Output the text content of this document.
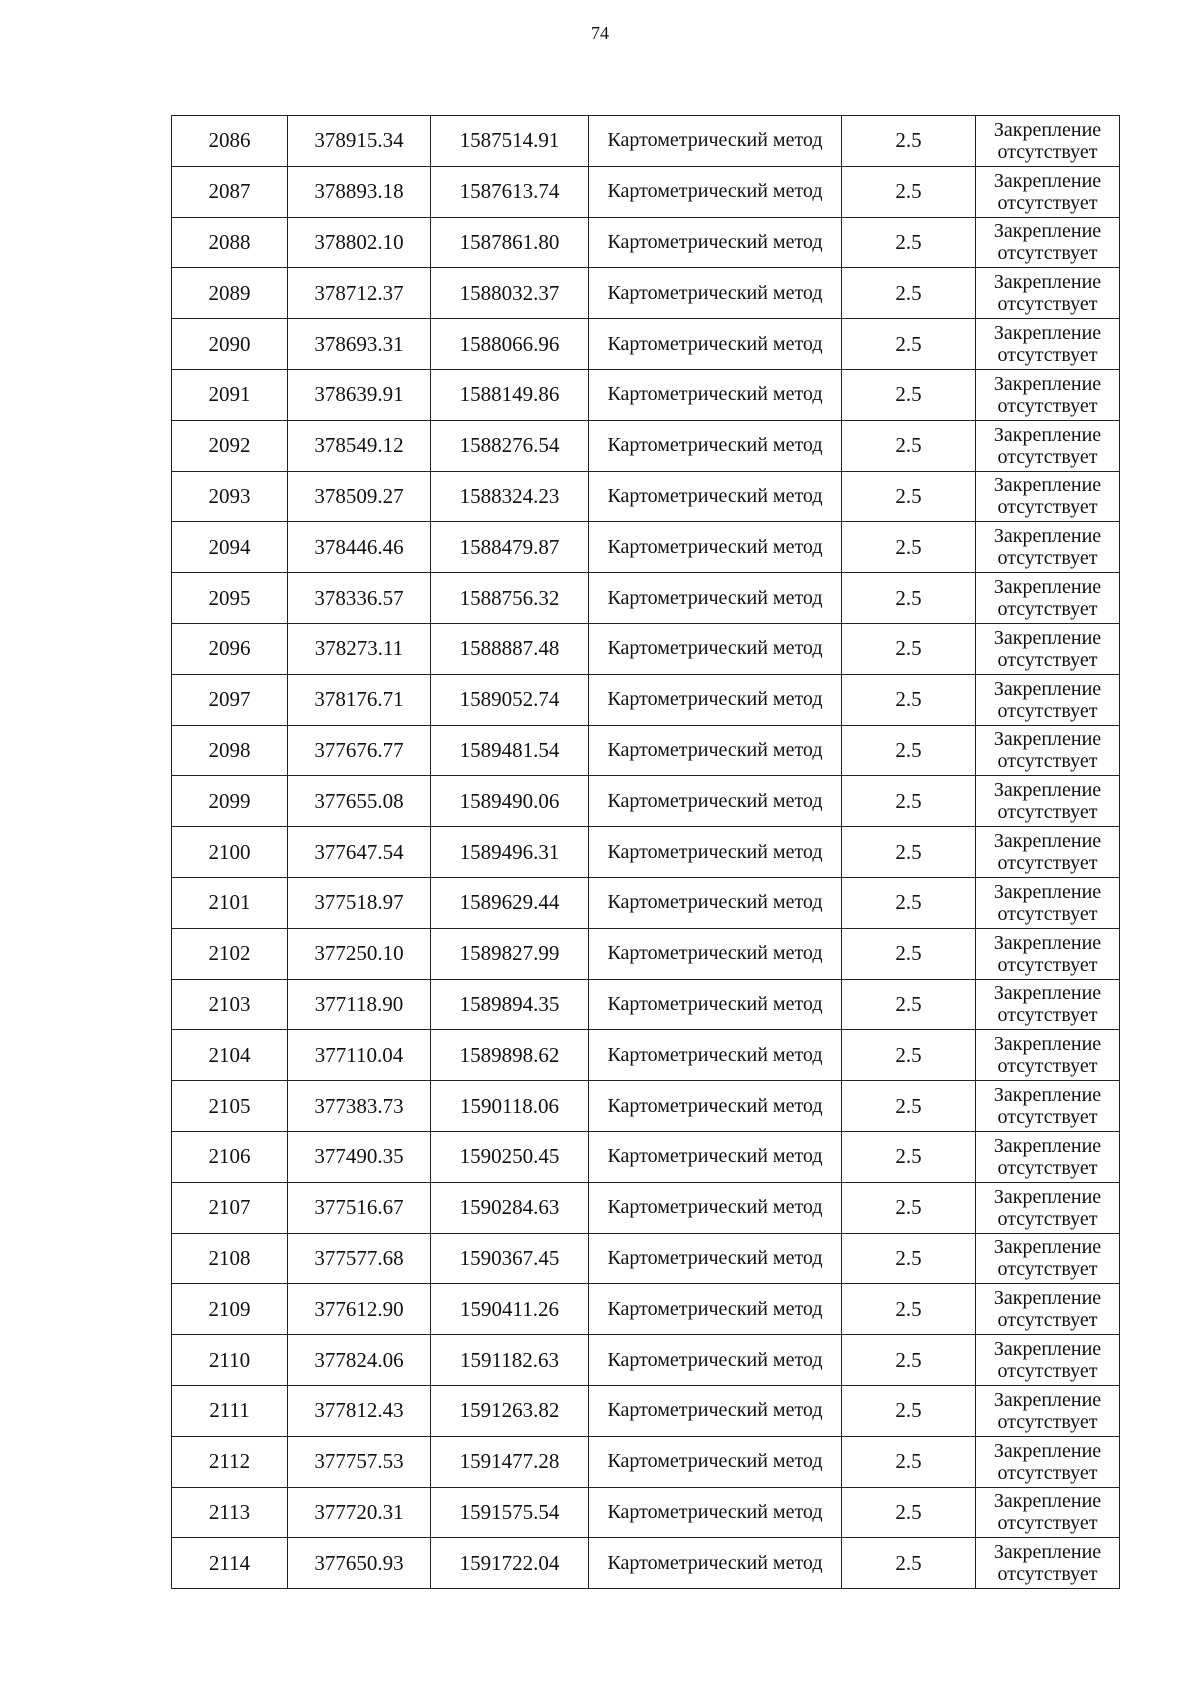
74
2086	378915.34	1587514.91	Картометрический метод	2.5	Закрепление
отсутствует

2087	378893.18	1587613.74	Картометрический метод	2.5	Закрепление
отсутствует

2088	378802.10	1587861.80	Картометрический метод	2.5	Закрепление
отсутствует

2089	378712.37	1588032.37	Картометрический метод	2.5	Закрепление
отсутствует

2090	378693.31	1588066.96	Картометрический метод	2.5	Закрепление
отсутствует

2091	378639.91	1588149.86	Картометрический метод	2.5	Закрепление
отсутствует

2092	378549.12	1588276.54	Картометрический метод	2.5	Закрепление
отсутствует

2093	378509.27	1588324.23	Картометрический метод	2.5	Закрепление
отсутствует

2094	378446.46	1588479.87	Картометрический метод	2.5	Закрепление
отсутствует

2095	378336.57	1588756.32	Картометрический метод	2.5	Закрепление
отсутствует

2096	378273.11	1588887.48	Картометрический метод	2.5	Закрепление
отсутствует

2097	378176.71	1589052.74	Картометрический метод	2.5	Закрепление
отсутствует

2098	377676.77	1589481.54	Картометрический метод	2.5	Закрепление
отсутствует

2099	377655.08	1589490.06	Картометрический метод	2.5	Закрепление
отсутствует

2100	377647.54	1589496.31	Картометрический метод	2.5	Закрепление
отсутствует

2101	377518.97	1589629.44	Картометрический метод	2.5	Закрепление
отсутствует

2102	377250.10	1589827.99	Картометрический метод	2.5	Закрепление
отсутствует

2103	377118.90	1589894.35	Картометрический метод	2.5	Закрепление
отсутствует

2104	377110.04	1589898.62	Картометрический метод	2.5	Закрепление
отсутствует

2105	377383.73	1590118.06	Картометрический метод	2.5	Закрепление
отсутствует

2106	377490.35	1590250.45	Картометрический метод	2.5	Закрепление
отсутствует

2107	377516.67	1590284.63	Картометрический метод	2.5	Закрепление
отсутствует

2108	377577.68	1590367.45	Картометрический метод	2.5	Закрепление
отсутствует

2109	377612.90	1590411.26	Картометрический метод	2.5	Закрепление
отсутствует

2110	377824.06	1591182.63	Картометрический метод	2.5	Закрепление
отсутствует

2111	377812.43	1591263.82	Картометрический метод	2.5	Закрепление
отсутствует

2112	377757.53	1591477.28	Картометрический метод	2.5	Закрепление
отсутствует

2113	377720.31	1591575.54	Картометрический метод	2.5	Закрепление
отсутствует

2114	377650.93	1591722.04	Картометрический метод	2.5	Закрепление
отсутствует
